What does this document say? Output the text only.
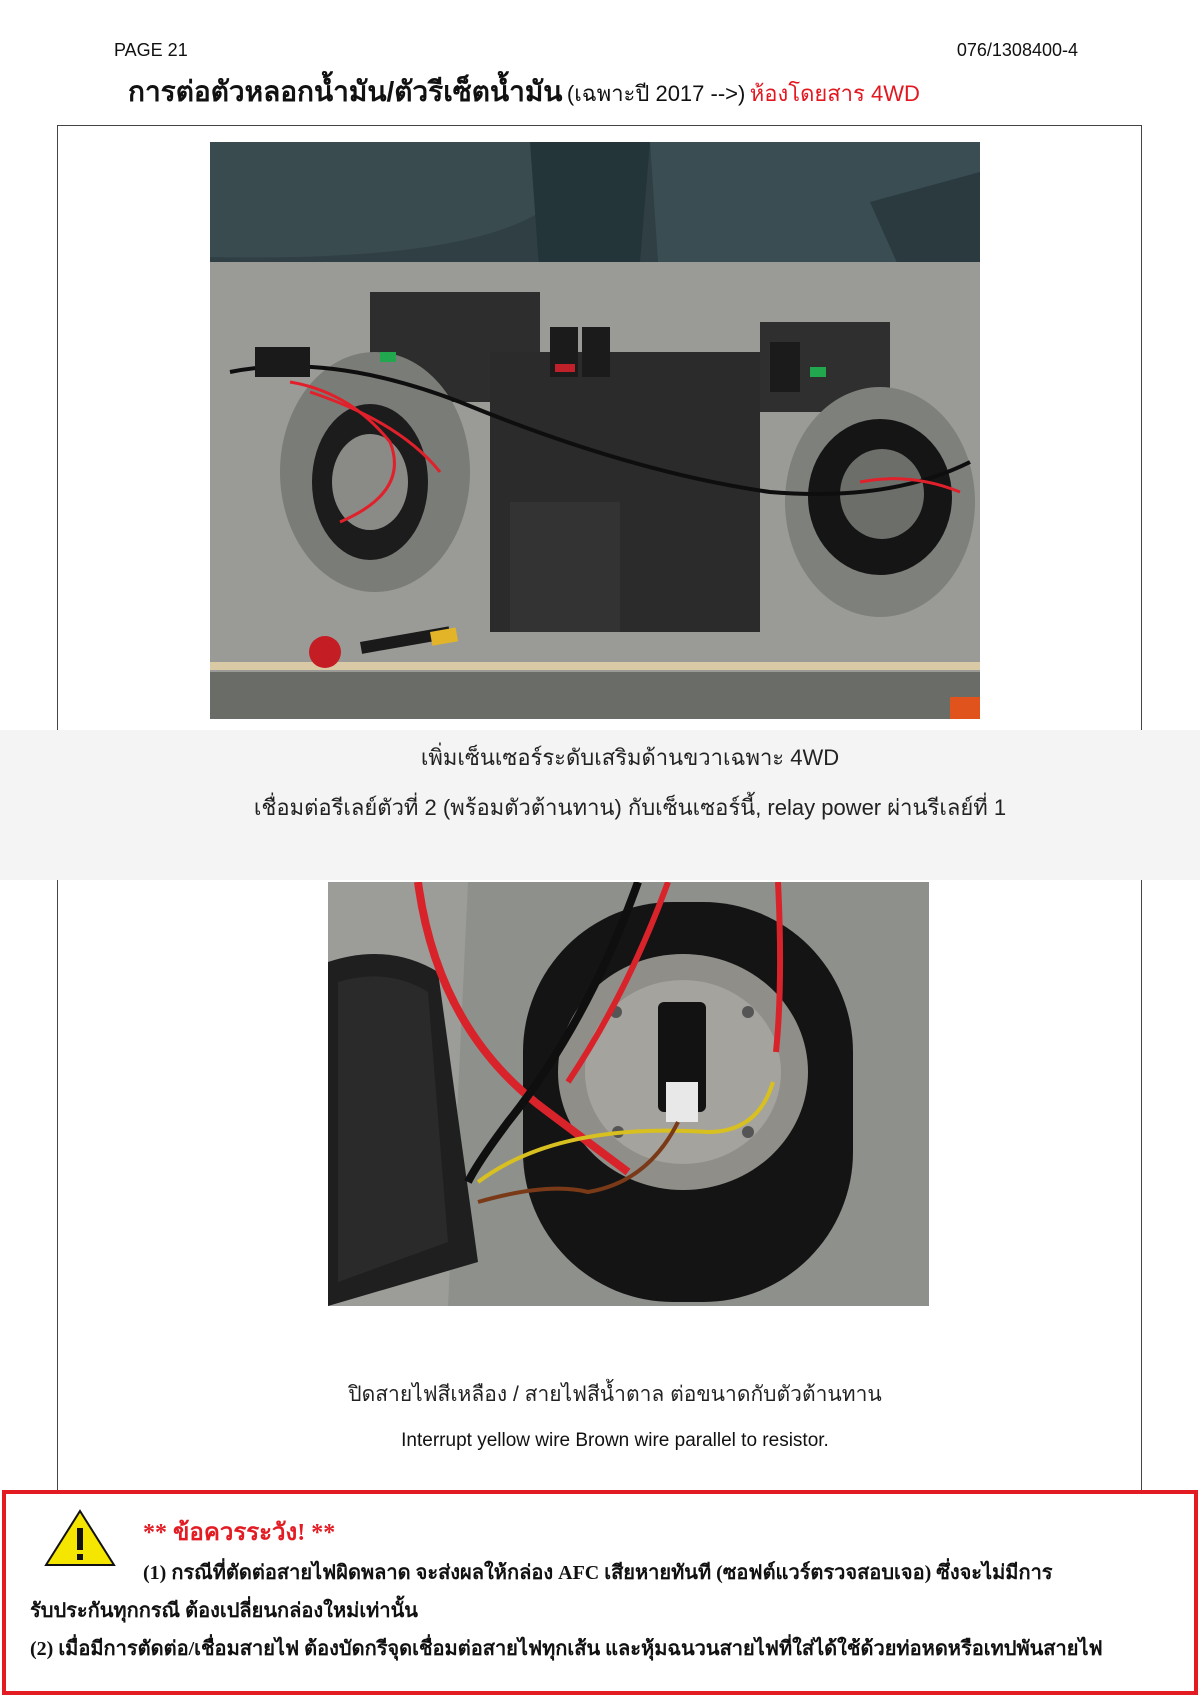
PAGE 21	076/1308400-4
การต่อตัวหลอกน้ำมัน/ตัวรีเซ็ตน้ำมัน (เฉพาะปี 2017 -->) ห้องโดยสาร 4WD
เพิ่มเซ็นเซอร์ระดับเสริมด้านขวาเฉพาะ 4WD
เชื่อมต่อรีเลย์ตัวที่ 2 (พร้อมตัวต้านทาน) กับเซ็นเซอร์นี้, relay power ผ่านรีเลย์ที่ 1
ปิดสายไฟสีเหลือง / สายไฟสีน้ำตาล ต่อขนาดกับตัวต้านทาน
Interrupt yellow wire Brown wire parallel to resistor.
** ข้อควรระวัง! **
(1) กรณีที่ตัดต่อสายไฟผิดพลาด จะส่งผลให้กล่อง AFC เสียหายทันที (ซอฟต์แวร์ตรวจสอบเจอ) ซึ่งจะไม่มีการ
รับประกันทุกกรณี ต้องเปลี่ยนกล่องใหม่เท่านั้น
(2) เมื่อมีการตัดต่อ/เชื่อมสายไฟ ต้องบัดกรีจุดเชื่อมต่อสายไฟทุกเส้น และหุ้มฉนวนสายไฟที่ใส่ได้ใช้ด้วยท่อหดหรือเทปพันสายไฟ
